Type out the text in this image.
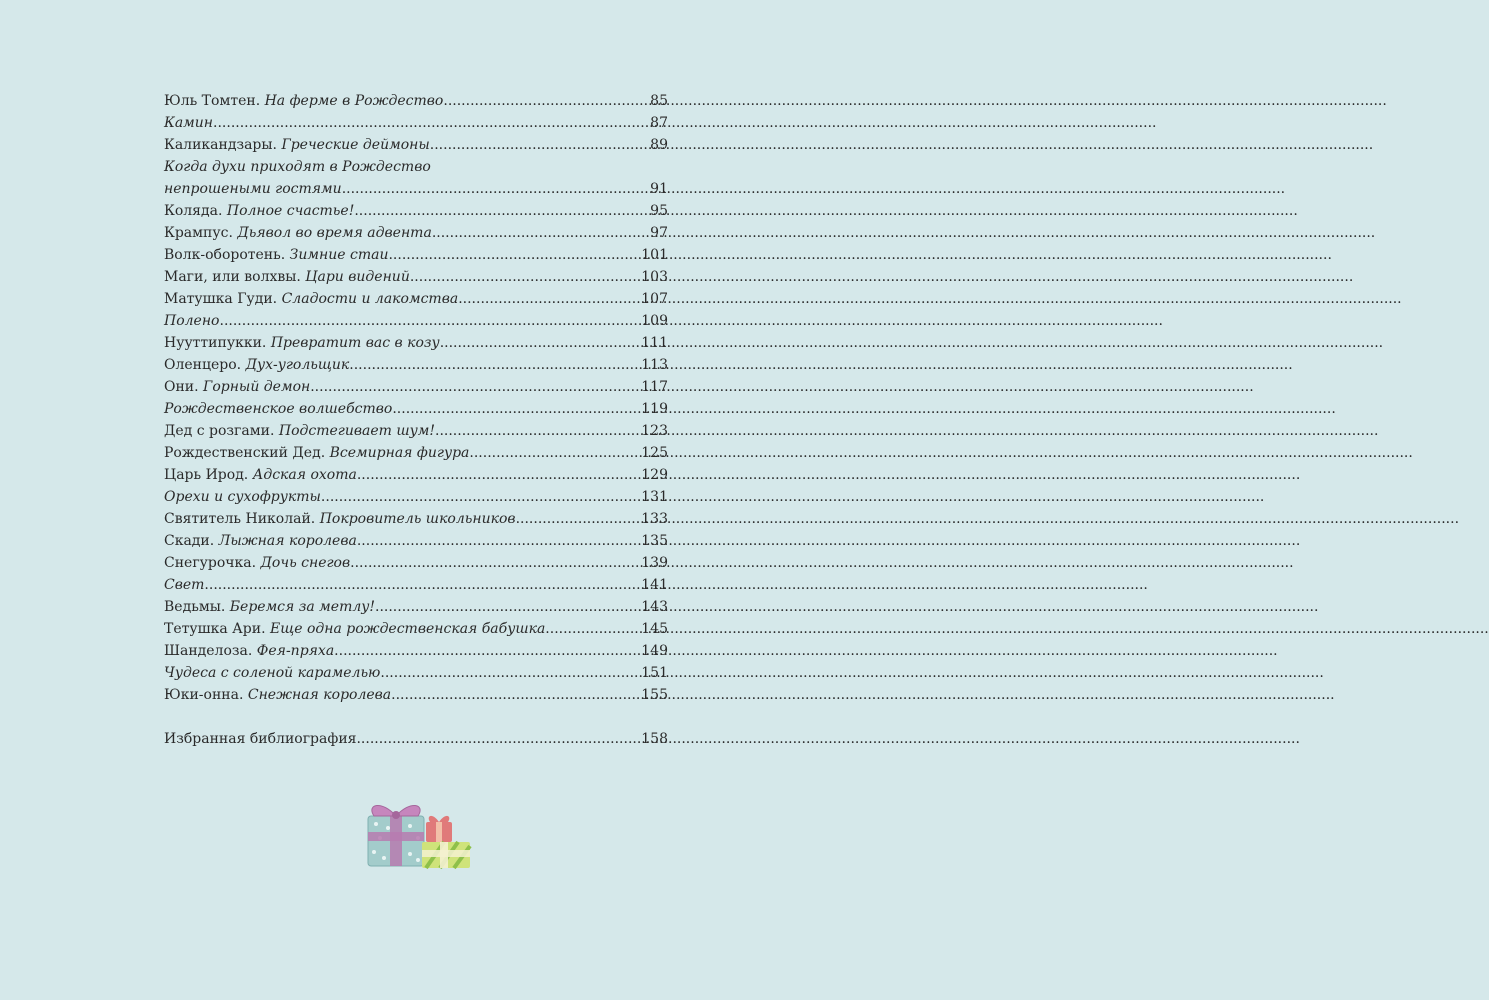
Юль Томтен. На ферме в Рождество .....	85
Камин .....	87
Каликандзары. Греческие деймоны .....	89
Когда духи приходят в Рождество
непрошеными гостями .....	91
Коляда. Полное счастье! .....	95
Крампус. Дьявол во время адвента .....	97
Волк-оборотень. Зимние стаи .....	101
Маги, или волхвы. Цари видений .....	103
Матушка Гуди. Сладости и лакомства .....	107
Полено .....	109
Нууттипукки. Превратит вас в козу .....	111
Оленцеро. Дух-угольщик .....	113
Они. Горный демон .....	117
Рождественское волшебство .....	119
Дед с розгами. Подстегивает шум! .....	123
Рождественский Дед. Всемирная фигура .....	125
Царь Ирод. Адская охота .....	129
Орехи и сухофрукты .....	131
Святитель Николай. Покровитель школьников .....	133
Скади. Лыжная королева .....	135
Снегурочка. Дочь снегов .....	139
Свет .....	141
Ведьмы. Беремся за метлу! .....	143
Тетушка Ари. Еще одна рождественская бабушка .....	145
Шанделоза. Фея-пряха .....	149
Чудеса с соленой карамелью .....	151
Юки-онна. Снежная королева .....	155
Избранная библиография .....	158
